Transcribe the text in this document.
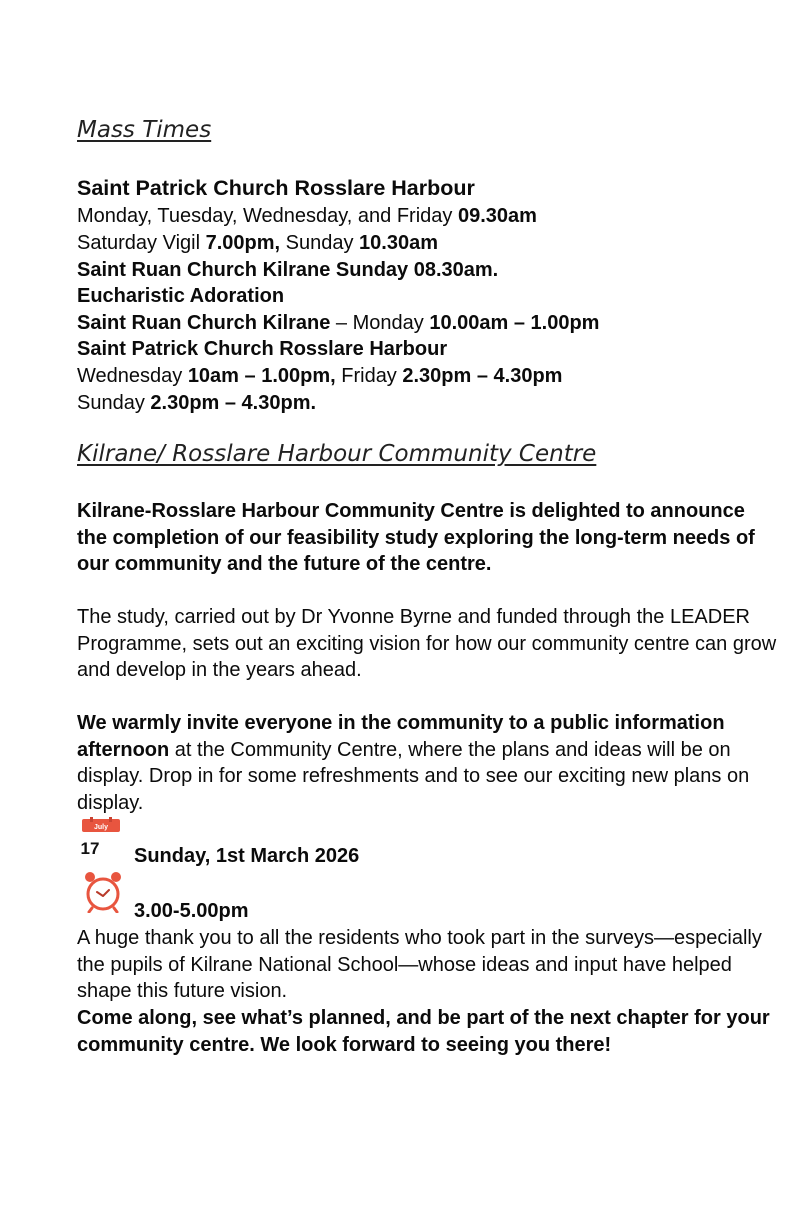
Mass Times
Saint Patrick Church Rosslare Harbour
Monday, Tuesday, Wednesday, and Friday 09.30am
Saturday Vigil 7.00pm, Sunday 10.30am
Saint Ruan Church Kilrane Sunday 08.30am.
Eucharistic Adoration
Saint Ruan Church Kilrane – Monday 10.00am – 1.00pm
Saint Patrick Church Rosslare Harbour
Wednesday 10am – 1.00pm, Friday 2.30pm – 4.30pm
Sunday 2.30pm – 4.30pm.
Kilrane/ Rosslare Harbour Community Centre
Kilrane-Rosslare Harbour Community Centre is delighted to announce the completion of our feasibility study exploring the long-term needs of our community and the future of the centre.
The study, carried out by Dr Yvonne Byrne and funded through the LEADER Programme, sets out an exciting vision for how our community centre can grow and develop in the years ahead.
We warmly invite everyone in the community to a public information afternoon at the Community Centre, where the plans and ideas will be on display. Drop in for some refreshments and to see our exciting new plans on display.
July
17 Sunday, 1st March 2026
3.00-5.00pm
A huge thank you to all the residents who took part in the surveys—especially the pupils of Kilrane National School—whose ideas and input have helped shape this future vision.
Come along, see what’s planned, and be part of the next chapter for your community centre. We look forward to seeing you there!
